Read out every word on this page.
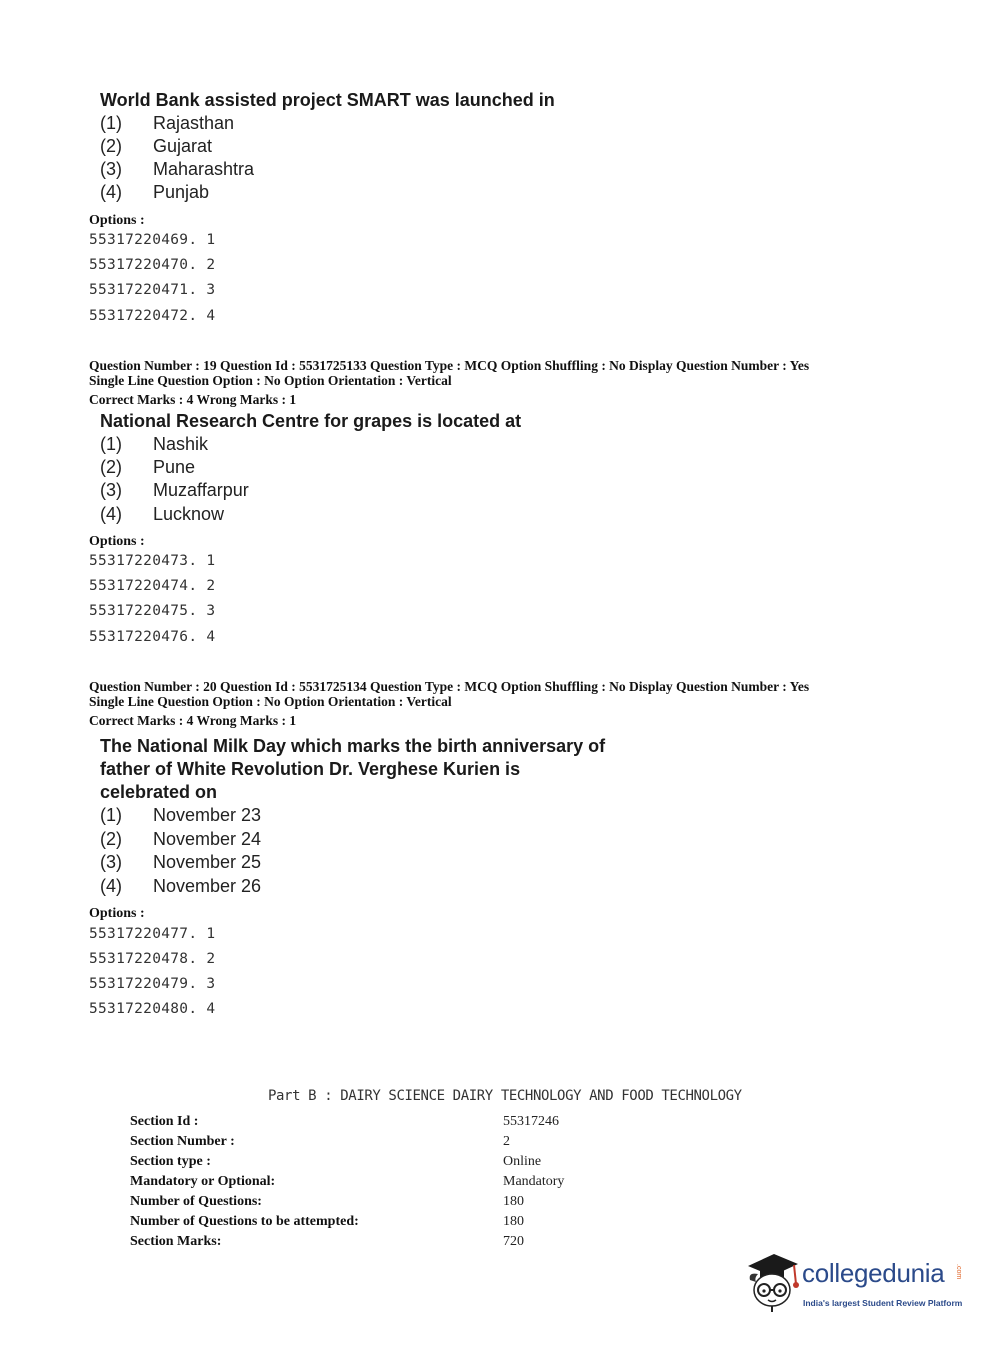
World Bank assisted project SMART was launched in
(1) Rajasthan
(2) Gujarat
(3) Maharashtra
(4) Punjab
Options :
55317220469. 1
55317220470. 2
55317220471. 3
55317220472. 4
Question Number : 19 Question Id : 5531725133 Question Type : MCQ Option Shuffling : No Display Question Number : Yes
Single Line Question Option : No Option Orientation : Vertical
Correct Marks : 4 Wrong Marks : 1
National Research Centre for grapes is located at
(1) Nashik
(2) Pune
(3) Muzaffarpur
(4) Lucknow
Options :
55317220473. 1
55317220474. 2
55317220475. 3
55317220476. 4
Question Number : 20 Question Id : 5531725134 Question Type : MCQ Option Shuffling : No Display Question Number : Yes
Single Line Question Option : No Option Orientation : Vertical
Correct Marks : 4 Wrong Marks : 1
The National Milk Day which marks the birth anniversary of
father of White Revolution Dr. Verghese Kurien is
celebrated on
(1) November 23
(2) November 24
(3) November 25
(4) November 26
Options :
55317220477. 1
55317220478. 2
55317220479. 3
55317220480. 4
Part B : DAIRY SCIENCE DAIRY TECHNOLOGY AND FOOD TECHNOLOGY
Section Id :	55317246
Section Number :	2
Section type :	Online
Mandatory or Optional:	Mandatory
Number of Questions:	180
Number of Questions to be attempted:	180
Section Marks:	720
collegedunia .com
India's largest Student Review Platform
